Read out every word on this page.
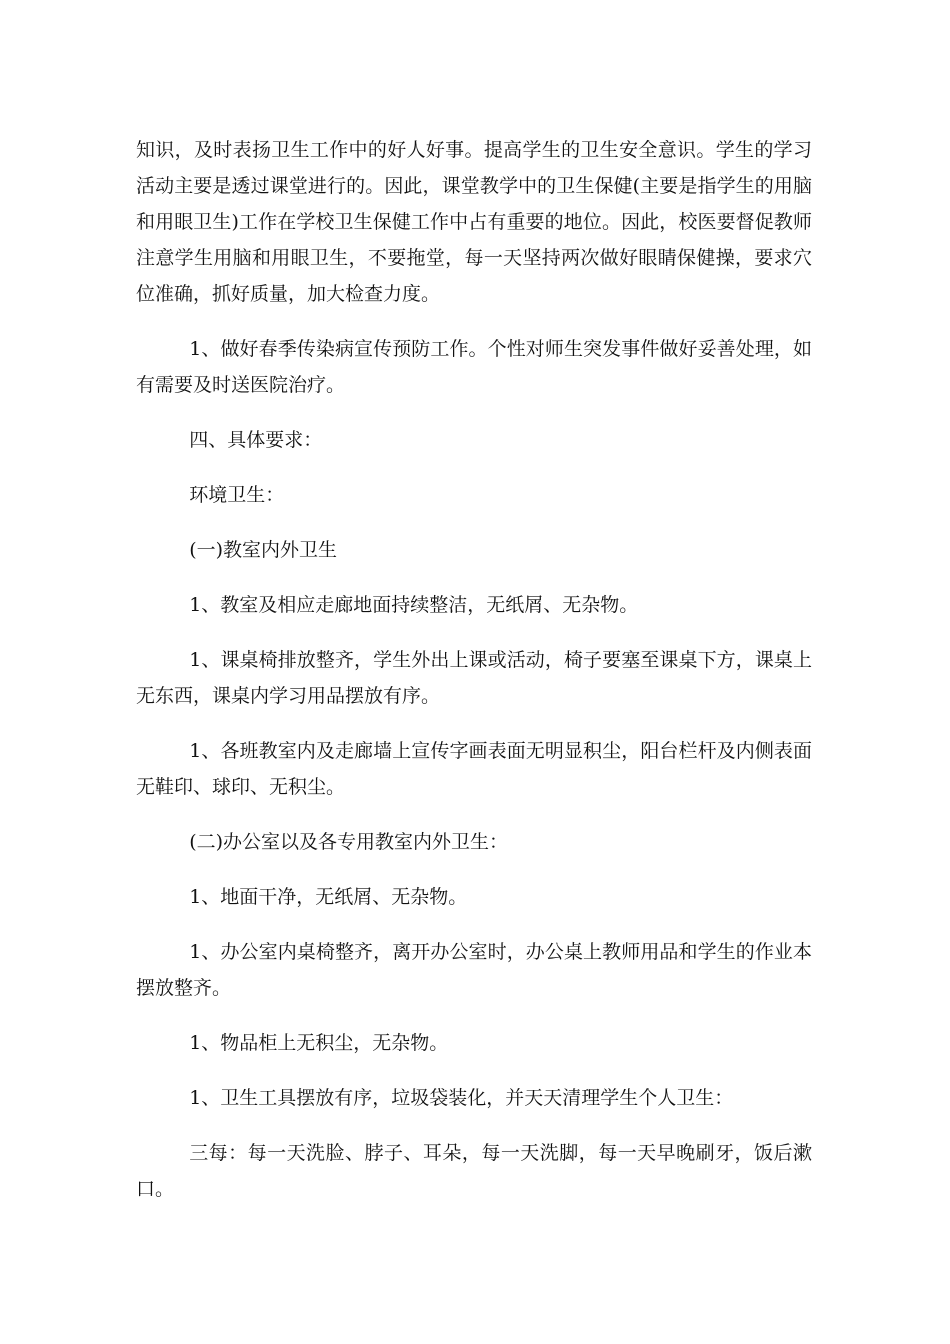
知识，及时表扬卫生工作中的好人好事。提高学生的卫生安全意识。学生的学习活动主要是透过课堂进行的。因此，课堂教学中的卫生保健(主要是指学生的用脑和用眼卫生)工作在学校卫生保健工作中占有重要的地位。因此，校医要督促教师注意学生用脑和用眼卫生，不要拖堂，每一天坚持两次做好眼睛保健操，要求穴位准确，抓好质量，加大检查力度。

1、做好春季传染病宣传预防工作。个性对师生突发事件做好妥善处理，如有需要及时送医院治疗。

四、具体要求：

环境卫生：

(一)教室内外卫生

1、教室及相应走廊地面持续整洁，无纸屑、无杂物。

1、课桌椅排放整齐，学生外出上课或活动，椅子要塞至课桌下方，课桌上无东西，课桌内学习用品摆放有序。

1、各班教室内及走廊墙上宣传字画表面无明显积尘，阳台栏杆及内侧表面无鞋印、球印、无积尘。

(二)办公室以及各专用教室内外卫生：

1、地面干净，无纸屑、无杂物。

1、办公室内桌椅整齐，离开办公室时，办公桌上教师用品和学生的作业本摆放整齐。

1、物品柜上无积尘，无杂物。

1、卫生工具摆放有序，垃圾袋装化，并天天清理学生个人卫生：

三每：每一天洗脸、脖子、耳朵，每一天洗脚，每一天早晚刷牙，饭后漱口。
